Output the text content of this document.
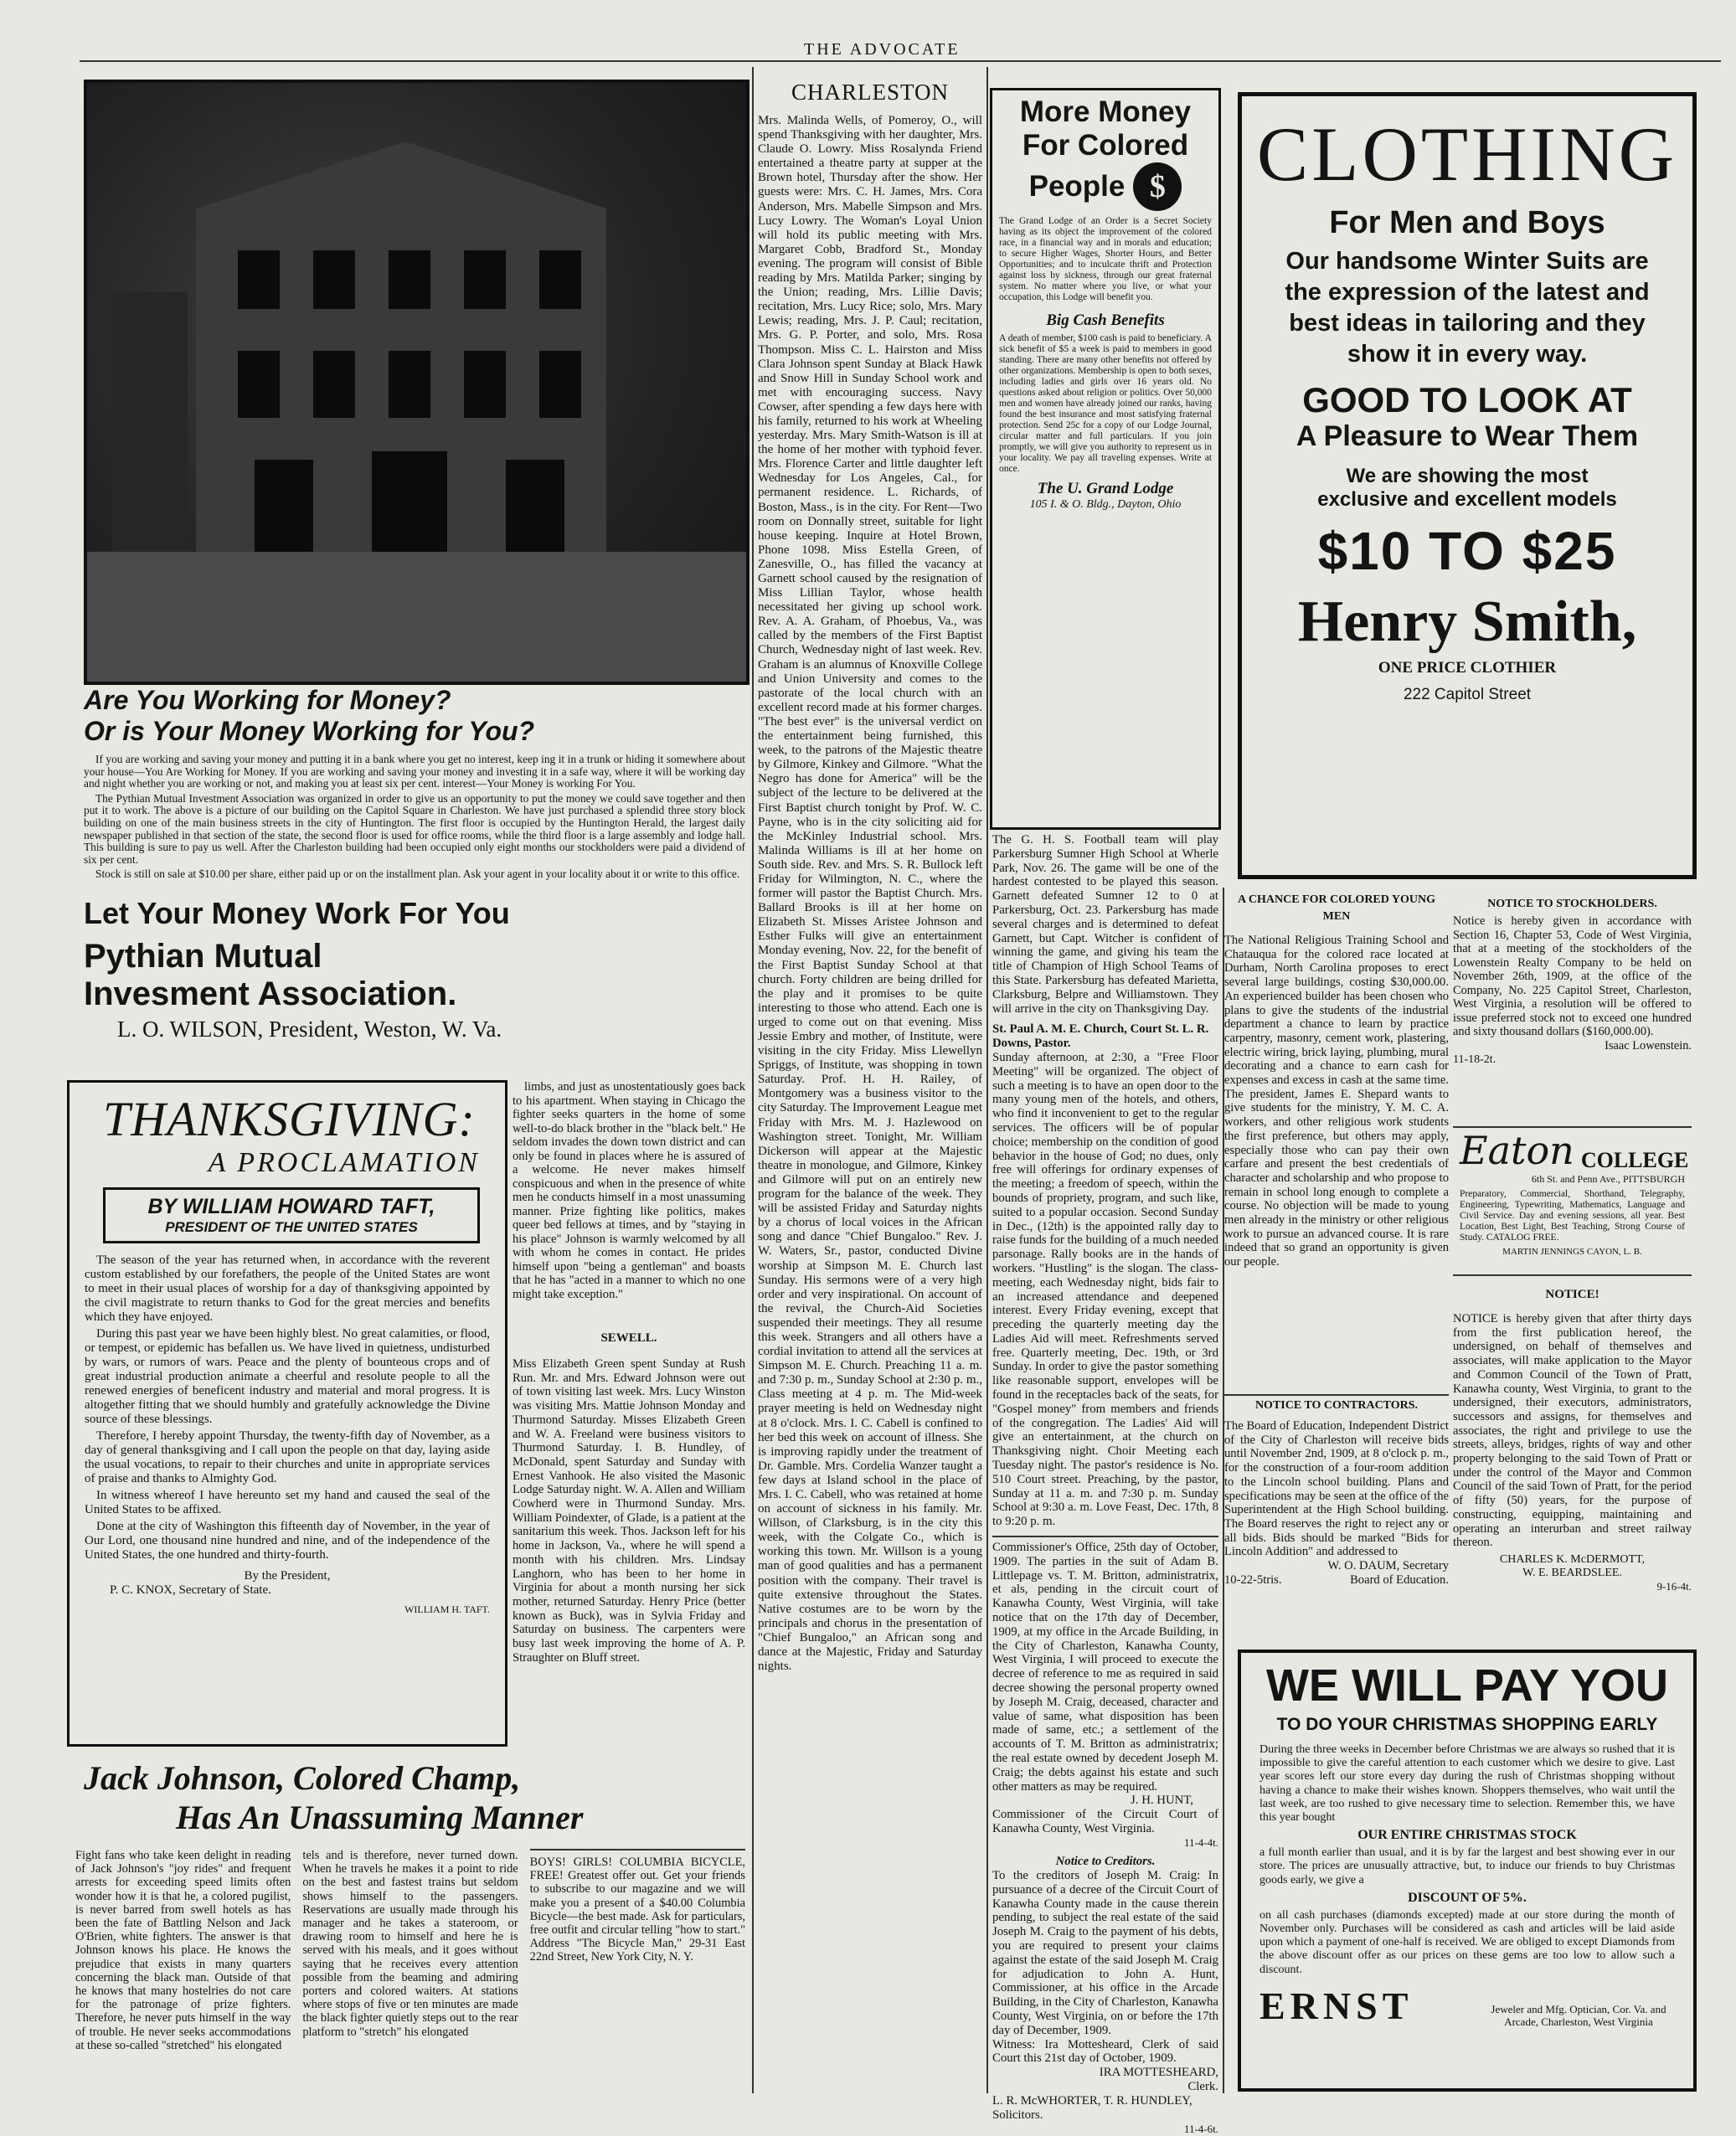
THE ADVOCATE
Are You Working for Money?
Or is Your Money Working for You?

If you are working and saving your money and putting it in a bank where you get no interest, keep ing it in a trunk or hiding it somewhere about your house—You Are Working for Money. If you are working and saving your money and investing it in a safe way, where it will be working day and night whether you are working or not, and making you at least six per cent. interest—Your Money is working For You.

The Pythian Mutual Investment Association was organized in order to give us an opportunity to put the money we could save together and then put it to work. The above is a picture of our building on the Capitol Square in Charleston. We have just purchased a splendid three story block building on one of the main business streets in the city of Huntington. The first floor is occupied by the Huntington Herald, the largest daily newspaper published in that section of the state, the second floor is used for office rooms, while the third floor is a large assembly and lodge hall. This building is sure to pay us well. After the Charleston building had been occupied only eight months our stockholders were paid a dividend of six per cent.

Stock is still on sale at $10.00 per share, either paid up or on the installment plan. Ask your agent in your locality about it or write to this office.

Let Your Money Work For You
Pythian Mutual
Invesment Association.
L. O. WILSON, President, Weston, W. Va.
THANKSGIVING:
A PROCLAMATION
BY WILLIAM HOWARD TAFT,
PRESIDENT OF THE UNITED STATES

The season of the year has returned when, in accordance with the reverent custom established by our forefathers, the people of the United States are wont to meet in their usual places of worship for a day of thanksgiving appointed by the civil magistrate to return thanks to God for the great mercies and benefits which they have enjoyed.

During this past year we have been highly blest. No great calamities, or flood, or tempest, or epidemic has befallen us. We have lived in quietness, undisturbed by wars, or rumors of wars. Peace and the plenty of bounteous crops and of great industrial production animate a cheerful and resolute people to all the renewed energies of beneficent industry and material and moral progress. It is altogether fitting that we should humbly and gratefully acknowledge the Divine source of these blessings.

Therefore, I hereby appoint Thursday, the twenty-fifth day of November, as a day of general thanksgiving and I call upon the people on that day, laying aside the usual vocations, to repair to their churches and unite in appropriate services of praise and thanks to Almighty God.

In witness whereof I have hereunto set my hand and caused the seal of the United States to be affixed.

Done at the city of Washington this fifteenth day of November, in the year of Our Lord, one thousand nine hundred and nine, and of the independence of the United States, the one hundred and thirty-fourth.

By the President,
P. C. KNOX, Secretary of State.
WILLIAM H. TAFT.

limbs, and just as unostentatiously goes back to his apartment. When staying in Chicago the fighter seeks quarters in the home of some well-to-do black brother in the "black belt." He seldom invades the down town district and can only be found in places where he is assured of a welcome. He never makes himself conspicuous and when in the presence of white men he conducts himself in a most unassuming manner. Prize fighting like politics, makes queer bed fellows at times, and by "staying in his place" Johnson is warmly welcomed by all with whom he comes in contact. He prides himself upon "being a gentleman" and boasts that he has "acted in a manner to which no one might take exception."

SEWELL.
Miss Elizabeth Green spent Sunday at Rush Run. Mr. and Mrs. Edward Johnson were out of town visiting last week. Mrs. Lucy Winston was visiting Mrs. Mattie Johnson Monday and Thurmond Saturday. Misses Elizabeth Green and W. A. Freeland were business visitors to Thurmond Saturday. I. B. Hundley, of McDonald, spent Saturday and Sunday with Ernest Vanhook. He also visited the Masonic Lodge Saturday night. W. A. Allen and William Cowherd were in Thurmond Sunday. Mrs. William Poindexter, of Glade, is a patient at the sanitarium this week. Thos. Jackson left for his home in Jackson, Va., where he will spend a month with his children. Mrs. Lindsay Langhorn, who has been to her home in Virginia for about a month nursing her sick mother, returned Saturday. Henry Price (better known as Buck), was in Sylvia Friday and Saturday on business. The carpenters were busy last week improving the home of A. P. Straughter on Bluff street.
Jack Johnson, Colored Champ,
Has An Unassuming Manner
Fight fans who take keen delight in reading of Jack Johnson's "joy rides" and frequent arrests for exceeding speed limits often wonder how it is that he, a colored pugilist, is never barred from swell hotels as has been the fate of Battling Nelson and Jack O'Brien, white fighters. The answer is that Johnson knows his place. He knows the prejudice that exists in many quarters concerning the black man. Outside of that he knows that many hostelries do not care for the patronage of prize fighters. Therefore, he never puts himself in the way of trouble. He never seeks accommodations at these so-called "stretched" his elongated
tels and is therefore, never turned down. When he travels he makes it a point to ride on the best and fastest trains but seldom shows himself to the passengers. Reservations are usually made through his manager and he takes a stateroom, or drawing room to himself and here he is served with his meals, and it goes without saying that he receives every attention possible from the beaming and admiring porters and colored waiters. At stations where stops of five or ten minutes are made the black fighter quietly steps out to the rear platform to "stretch" his elongated
BOYS! GIRLS! COLUMBIA BICYCLE, FREE! Greatest offer out. Get your friends to subscribe to our magazine and we will make you a present of a $40.00 Columbia Bicycle—the best made. Ask for particulars, free outfit and circular telling "how to start." Address "The Bicycle Man," 29-31 East 22nd Street, New York City, N. Y.
CHARLESTON
Mrs. Malinda Wells, of Pomeroy, O., will spend Thanksgiving with her daughter, Mrs. Claude O. Lowry. Miss Rosalynda Friend entertained a theatre party at supper at the Brown hotel, Thursday after the show. Her guests were: Mrs. C. H. James, Mrs. Cora Anderson, Mrs. Mabelle Simpson and Mrs. Lucy Lowry. The Woman's Loyal Union will hold its public meeting with Mrs. Margaret Cobb, Bradford St., Monday evening. The program will consist of Bible reading by Mrs. Matilda Parker; singing by the Union; reading, Mrs. Lillie Davis; recitation, Mrs. Lucy Rice; solo, Mrs. Mary Lewis; reading, Mrs. J. P. Caul; recitation, Mrs. G. P. Porter, and solo, Mrs. Rosa Thompson. Miss C. L. Hairston and Miss Clara Johnson spent Sunday at Black Hawk and Snow Hill in Sunday School work and met with encouraging success. Navy Cowser, after spending a few days here with his family, returned to his work at Wheeling yesterday. Mrs. Mary Smith-Watson is ill at the home of her mother with typhoid fever. Mrs. Florence Carter and little daughter left Wednesday for Los Angeles, Cal., for permanent residence. L. Richards, of Boston, Mass., is in the city. For Rent—Two room on Donnally street, suitable for light house keeping. Inquire at Hotel Brown, Phone 1098. Miss Estella Green, of Zanesville, O., has filled the vacancy at Garnett school caused by the resignation of Miss Lillian Taylor, whose health necessitated her giving up school work. Rev. A. A. Graham, of Phoebus, Va., was called by the members of the First Baptist Church, Wednesday night of last week. Rev. Graham is an alumnus of Knoxville College and Union University and comes to the pastorate of the local church with an excellent record made at his former charges. "The best ever" is the universal verdict on the entertainment being furnished, this week, to the patrons of the Majestic theatre by Gilmore, Kinkey and Gilmore. "What the Negro has done for America" will be the subject of the lecture to be delivered at the First Baptist church tonight by Prof. W. C. Payne, who is in the city soliciting aid for the McKinley Industrial school. Mrs. Malinda Williams is ill at her home on South side. Rev. and Mrs. S. R. Bullock left Friday for Wilmington, N. C., where the former will pastor the Baptist Church. Mrs. Ballard Brooks is ill at her home on Elizabeth St. Misses Aristee Johnson and Esther Fulks will give an entertainment Monday evening, Nov. 22, for the benefit of the First Baptist Sunday School at that church. Forty children are being drilled for the play and it promises to be quite interesting to those who attend. Each one is urged to come out on that evening. Miss Jessie Embry and mother, of Institute, were visiting in the city Friday. Miss Llewellyn Spriggs, of Institute, was shopping in town Saturday. Prof. H. H. Railey, of Montgomery was a business visitor to the city Saturday. The Improvement League met Friday with Mrs. M. J. Hazlewood on Washington street. Tonight, Mr. William Dickerson will appear at the Majestic theatre in monologue, and Gilmore, Kinkey and Gilmore will put on an entirely new program for the balance of the week. They will be assisted Friday and Saturday nights by a chorus of local voices in the African song and dance "Chief Bungaloo." Rev. J. W. Waters, Sr., pastor, conducted Divine worship at Simpson M. E. Church last Sunday. His sermons were of a very high order and very inspirational. On account of the revival, the Church-Aid Societies suspended their meetings. They all resume this week. Strangers and all others have a cordial invitation to attend all the services at Simpson M. E. Church. Preaching 11 a. m. and 7:30 p. m., Sunday School at 2:30 p. m., Class meeting at 4 p. m. The Mid-week prayer meeting is held on Wednesday night at 8 o'clock. Mrs. I. C. Cabell is confined to her bed this week on account of illness. She is improving rapidly under the treatment of Dr. Gamble. Mrs. Cordelia Wanzer taught a few days at Island school in the place of Mrs. I. C. Cabell, who was retained at home on account of sickness in his family. Mr. Willson, of Clarksburg, is in the city this week, with the Colgate Co., which is working this town. Mr. Willson is a young man of good qualities and has a permanent position with the company. Their travel is quite extensive throughout the States. Native costumes are to be worn by the principals and chorus in the presentation of "Chief Bungaloo," an African song and dance at the Majestic, Friday and Saturday nights.
More Money
For Colored
People $
The Grand Lodge of an Order is a Secret Society having as its object the improvement of the colored race, in a financial way and in morals and education; to secure Higher Wages, Shorter Hours, and Better Opportunities; and to inculcate thrift and Protection against loss by sickness, through our great fraternal system. No matter where you live, or what your occupation, this Lodge will benefit you.
Big Cash Benefits
A death of member, $100 cash is paid to beneficiary. A sick benefit of $5 a week is paid to members in good standing. There are many other benefits not offered by other organizations. Membership is open to both sexes, including ladies and girls over 16 years old. No questions asked about religion or politics. Over 50,000 men and women have already joined our ranks, having found the best insurance and most satisfying fraternal protection. Send 25c for a copy of our Lodge Journal, circular matter and full particulars. If you join promptly, we will give you authority to represent us in your locality. We pay all traveling expenses. Write at once.
The U. Grand Lodge
105 I. & O. Bldg., Dayton, Ohio
The G. H. S. Football team will play Parkersburg Sumner High School at Wherle Park, Nov. 26. The game will be one of the hardest contested to be played this season. Garnett defeated Sumner 12 to 0 at Parkersburg, Oct. 23. Parkersburg has made several charges and is determined to defeat Garnett, but Capt. Witcher is confident of winning the game, and giving his team the title of Champion of High School Teams of this State. Parkersburg has defeated Marietta, Clarksburg, Belpre and Williamstown. They will arrive in the city on Thanksgiving Day.
St. Paul A. M. E. Church, Court St. L. R. Downs, Pastor.
Sunday afternoon, at 2:30, a "Free Floor Meeting" will be organized. The object of such a meeting is to have an open door to the many young men of the hotels, and others, who find it inconvenient to get to the regular services. The officers will be of popular choice; membership on the condition of good behavior in the house of God; no dues, only free will offerings for ordinary expenses of the meeting; a freedom of speech, within the bounds of propriety, program, and such like, suited to a popular occasion. Second Sunday in Dec., (12th) is the appointed rally day to raise funds for the building of a much needed parsonage. Rally books are in the hands of workers. "Hustling" is the slogan. The class-meeting, each Wednesday night, bids fair to an increased attendance and deepened interest. Every Friday evening, except that preceding the quarterly meeting day the Ladies Aid will meet. Refreshments served free. Quarterly meeting, Dec. 19th, or 3rd Sunday. In order to give the pastor something like reasonable support, envelopes will be found in the receptacles back of the seats, for "Gospel money" from members and friends of the congregation. The Ladies' Aid will give an entertainment, at the church on Thanksgiving night. Choir Meeting each Tuesday night. The pastor's residence is No. 510 Court street. Preaching, by the pastor, Sunday at 11 a. m. and 7:30 p. m. Sunday School at 9:30 a. m. Love Feast, Dec. 17th, 8 to 9:20 p. m.
Commissioner's Office, 25th day of October, 1909. The parties in the suit of Adam B. Littlepage vs. T. M. Britton, administratrix, et als, pending in the circuit court of Kanawha County, West Virginia, will take notice that on the 17th day of December, 1909, at my office in the Arcade Building, in the City of Charleston, Kanawha County, West Virginia, I will proceed to execute the decree of reference to me as required in said decree showing the personal property owned by Joseph M. Craig, deceased, character and value of same, what disposition has been made of same, etc.; a settlement of the accounts of T. M. Britton as administratrix; the real estate owned by decedent Joseph M. Craig; the debts against his estate and such other matters as may be required.
J. H. HUNT,
Commissioner of the Circuit Court of Kanawha County, West Virginia.
11-4-4t.
Notice to Creditors.
To the creditors of Joseph M. Craig: In pursuance of a decree of the Circuit Court of Kanawha County made in the cause therein pending, to subject the real estate of the said Joseph M. Craig to the payment of his debts, you are required to present your claims against the estate of the said Joseph M. Craig for adjudication to John A. Hunt, Commissioner, at his office in the Arcade Building, in the City of Charleston, Kanawha County, West Virginia, on or before the 17th day of December, 1909.
Witness: Ira Mottesheard, Clerk of said Court this 21st day of October, 1909.
IRA MOTTESHEARD,
Clerk.
L. R. McWHORTER, T. R. HUNDLEY, Solicitors.
11-4-6t.
CLOTHING
For Men and Boys
Our handsome Winter Suits are the expression of the latest and best ideas in tailoring and they show it in every way.
GOOD TO LOOK AT
A Pleasure to Wear Them
We are showing the most exclusive and excellent models
$10 TO $25
Henry Smith,
ONE PRICE CLOTHIER
222 Capitol Street
A CHANCE FOR COLORED YOUNG MEN
The National Religious Training School and Chatauqua for the colored race located at Durham, North Carolina proposes to erect several large buildings, costing $30,000.00. An experienced builder has been chosen who plans to give the students of the industrial department a chance to learn by practice carpentry, masonry, cement work, plastering, electric wiring, brick laying, plumbing, mural decorating and a chance to earn cash for expenses and excess in cash at the same time. The president, James E. Shepard wants to give students for the ministry, Y. M. C. A. workers, and other religious work students the first preference, but others may apply, especially those who can pay their own carfare and present the best credentials of character and scholarship and who propose to remain in school long enough to complete a course. No objection will be made to young men already in the ministry or other religious work to pursue an advanced course. It is rare indeed that so grand an opportunity is given our people.
NOTICE TO CONTRACTORS.
The Board of Education, Independent District of the City of Charleston will receive bids until November 2nd, 1909, at 8 o'clock p. m., for the construction of a four-room addition to the Lincoln school building. Plans and specifications may be seen at the office of the Superintendent at the High School building. The Board reserves the right to reject any or all bids. Bids should be marked "Bids for Lincoln Addition" and addressed to
W. O. DAUM, Secretary
10-22-5tris.	Board of Education.
NOTICE TO STOCKHOLDERS.
Notice is hereby given in accordance with Section 16, Chapter 53, Code of West Virginia, that at a meeting of the stockholders of the Lowenstein Realty Company to be held on November 26th, 1909, at the office of the Company, No. 225 Capitol Street, Charleston, West Virginia, a resolution will be offered to issue preferred stock not to exceed one hundred and sixty thousand dollars ($160,000.00).
Isaac Lowenstein.
11-18-2t.
Eaton COLLEGE
6th St. and Penn Ave., PITTSBURGH
Preparatory, Commercial, Shorthand, Telegraphy, Engineering, Typewriting, Mathematics, Language and Civil Service. Day and evening sessions, all year. Best Location, Best Light, Best Teaching, Strong Course of Study. CATALOG FREE.
MARTIN JENNINGS CAYON, L. B.
NOTICE!
NOTICE is hereby given that after thirty days from the first publication hereof, the undersigned, on behalf of themselves and associates, will make application to the Mayor and Common Council of the Town of Pratt, Kanawha county, West Virginia, to grant to the undersigned, their executors, administrators, successors and assigns, for themselves and associates, the right and privilege to use the streets, alleys, bridges, rights of way and other property belonging to the said Town of Pratt or under the control of the Mayor and Common Council of the said Town of Pratt, for the period of fifty (50) years, for the purpose of constructing, equipping, maintaining and operating an interurban and street railway thereon.
CHARLES K. McDERMOTT,
W. E. BEARDSLEE.
9-16-4t.
WE WILL PAY YOU
TO DO YOUR CHRISTMAS SHOPPING EARLY
During the three weeks in December before Christmas we are always so rushed that it is impossible to give the careful attention to each customer which we desire to give. Last year scores left our store every day during the rush of Christmas shopping without having a chance to make their wishes known. Shoppers themselves, who wait until the last week, are too rushed to give necessary time to selection. Remember this, we have this year bought
OUR ENTIRE CHRISTMAS STOCK
a full month earlier than usual, and it is by far the largest and best showing ever in our store. The prices are unusually attractive, but, to induce our friends to buy Christmas goods early, we give a
DISCOUNT OF 5%.
on all cash purchases (diamonds excepted) made at our store during the month of November only. Purchases will be considered as cash and articles will be laid aside upon which a payment of one-half is received. We are obliged to except Diamonds from the above discount offer as our prices on these gems are too low to allow such a discount.
ERNST	Jeweler and Mfg. Optician, Cor. Va. and Arcade, Charleston, West Virginia
